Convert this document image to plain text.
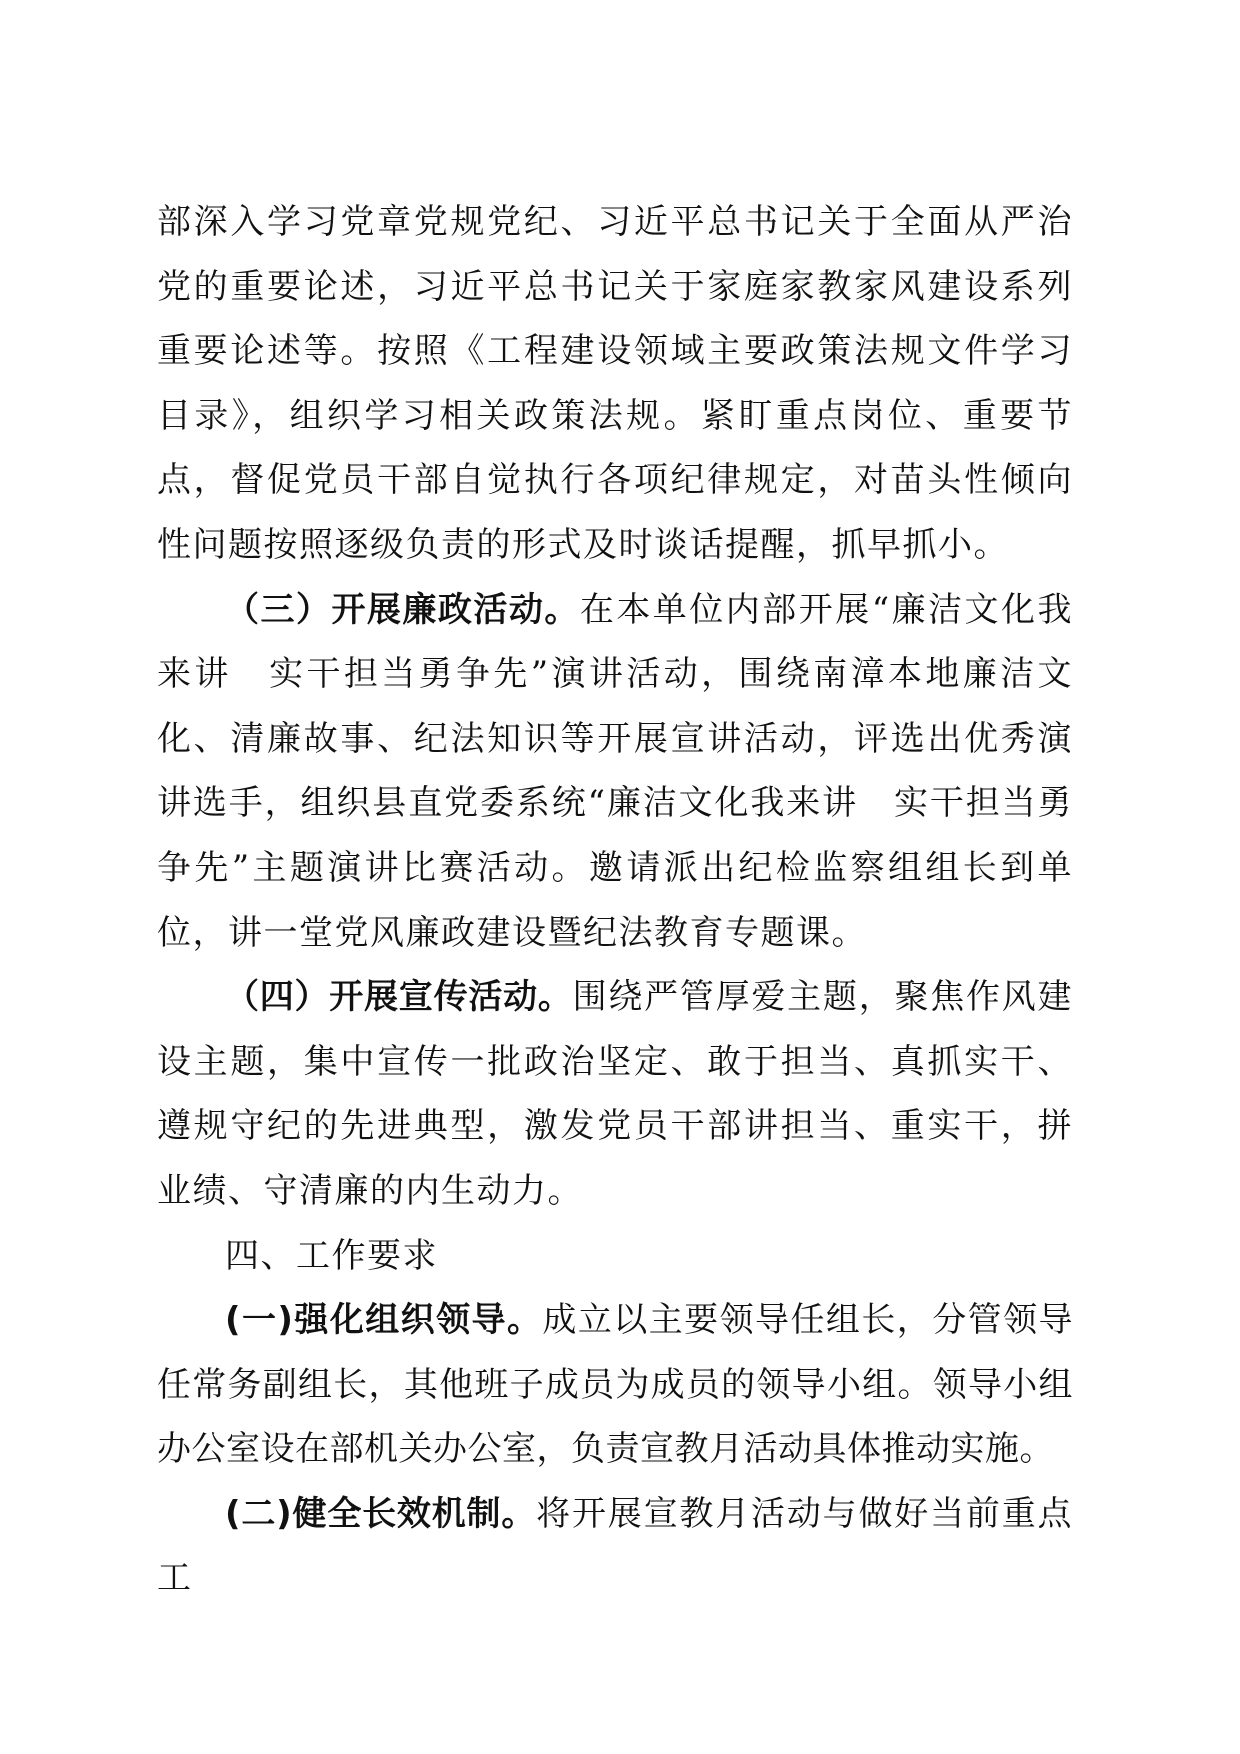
部深入学习党章党规党纪、习近平总书记关于全面从严治党的重要论述，习近平总书记关于家庭家教家风建设系列重要论述等。按照《工程建设领域主要政策法规文件学习目录》，组织学习相关政策法规。紧盯重点岗位、重要节点，督促党员干部自觉执行各项纪律规定，对苗头性倾向性问题按照逐级负责的形式及时谈话提醒，抓早抓小。

（三）开展廉政活动。在本单位内部开展“廉洁文化我来讲　实干担当勇争先”演讲活动，围绕南漳本地廉洁文化、清廉故事、纪法知识等开展宣讲活动，评选出优秀演讲选手，组织县直党委系统“廉洁文化我来讲　实干担当勇争先”主题演讲比赛活动。邀请派出纪检监察组组长到单位，讲一堂党风廉政建设暨纪法教育专题课。

（四）开展宣传活动。围绕严管厚爱主题，聚焦作风建设主题，集中宣传一批政治坚定、敢于担当、真抓实干、遵规守纪的先进典型，激发党员干部讲担当、重实干，拼业绩、守清廉的内生动力。

四、工作要求

(一)强化组织领导。成立以主要领导任组长，分管领导任常务副组长，其他班子成员为成员的领导小组。领导小组办公室设在部机关办公室，负责宣教月活动具体推动实施。

(二)健全长效机制。将开展宣教月活动与做好当前重点工
